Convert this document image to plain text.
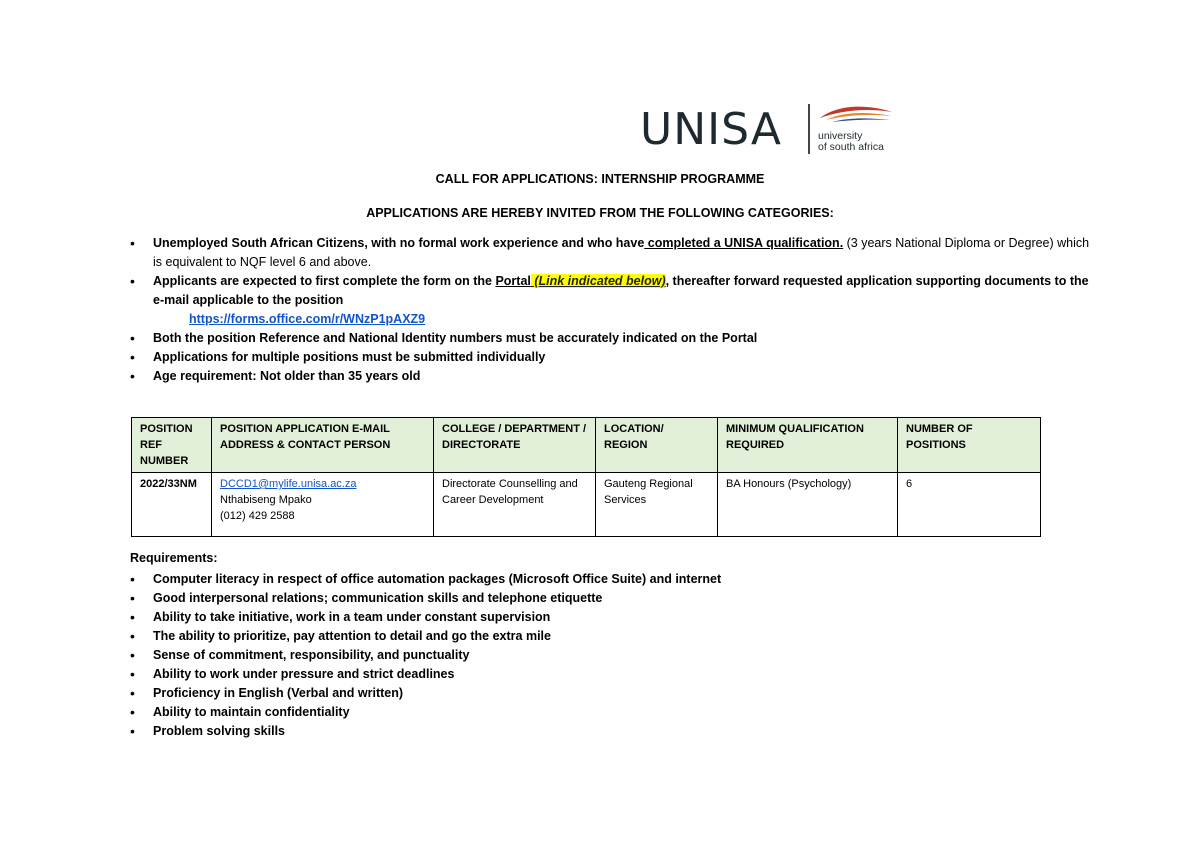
UNISA	university
of south africa
CALL FOR APPLICATIONS: INTERNSHIP PROGRAMME
APPLICATIONS ARE HEREBY INVITED FROM THE FOLLOWING CATEGORIES:
• Unemployed South African Citizens, with no formal work experience and who have completed a UNISA qualification. (3 years National Diploma or Degree) which is equivalent to NQF level 6 and above.
• Applicants are expected to first complete the form on the Portal (Link indicated below), thereafter forward requested application supporting documents to the e-mail applicable to the position
https://forms.office.com/r/WNzP1pAXZ9
• Both the position Reference and National Identity numbers must be accurately indicated on the Portal
• Applications for multiple positions must be submitted individually
• Age requirement: Not older than 35 years old
POSITION REF NUMBER	POSITION APPLICATION E-MAIL ADDRESS & CONTACT PERSON	COLLEGE / DEPARTMENT / DIRECTORATE	LOCATION/ REGION	MINIMUM QUALIFICATION REQUIRED	NUMBER OF POSITIONS
2022/33NM	DCCD1@mylife.unisa.ac.za
Nthabiseng Mpako
(012) 429 2588	Directorate Counselling and Career Development	Gauteng Regional Services	BA Honours (Psychology)	6
Requirements:
• Computer literacy in respect of office automation packages (Microsoft Office Suite) and internet
• Good interpersonal relations; communication skills and telephone etiquette
• Ability to take initiative, work in a team under constant supervision
• The ability to prioritize, pay attention to detail and go the extra mile
• Sense of commitment, responsibility, and punctuality
• Ability to work under pressure and strict deadlines
• Proficiency in English (Verbal and written)
• Ability to maintain confidentiality
• Problem solving skills
